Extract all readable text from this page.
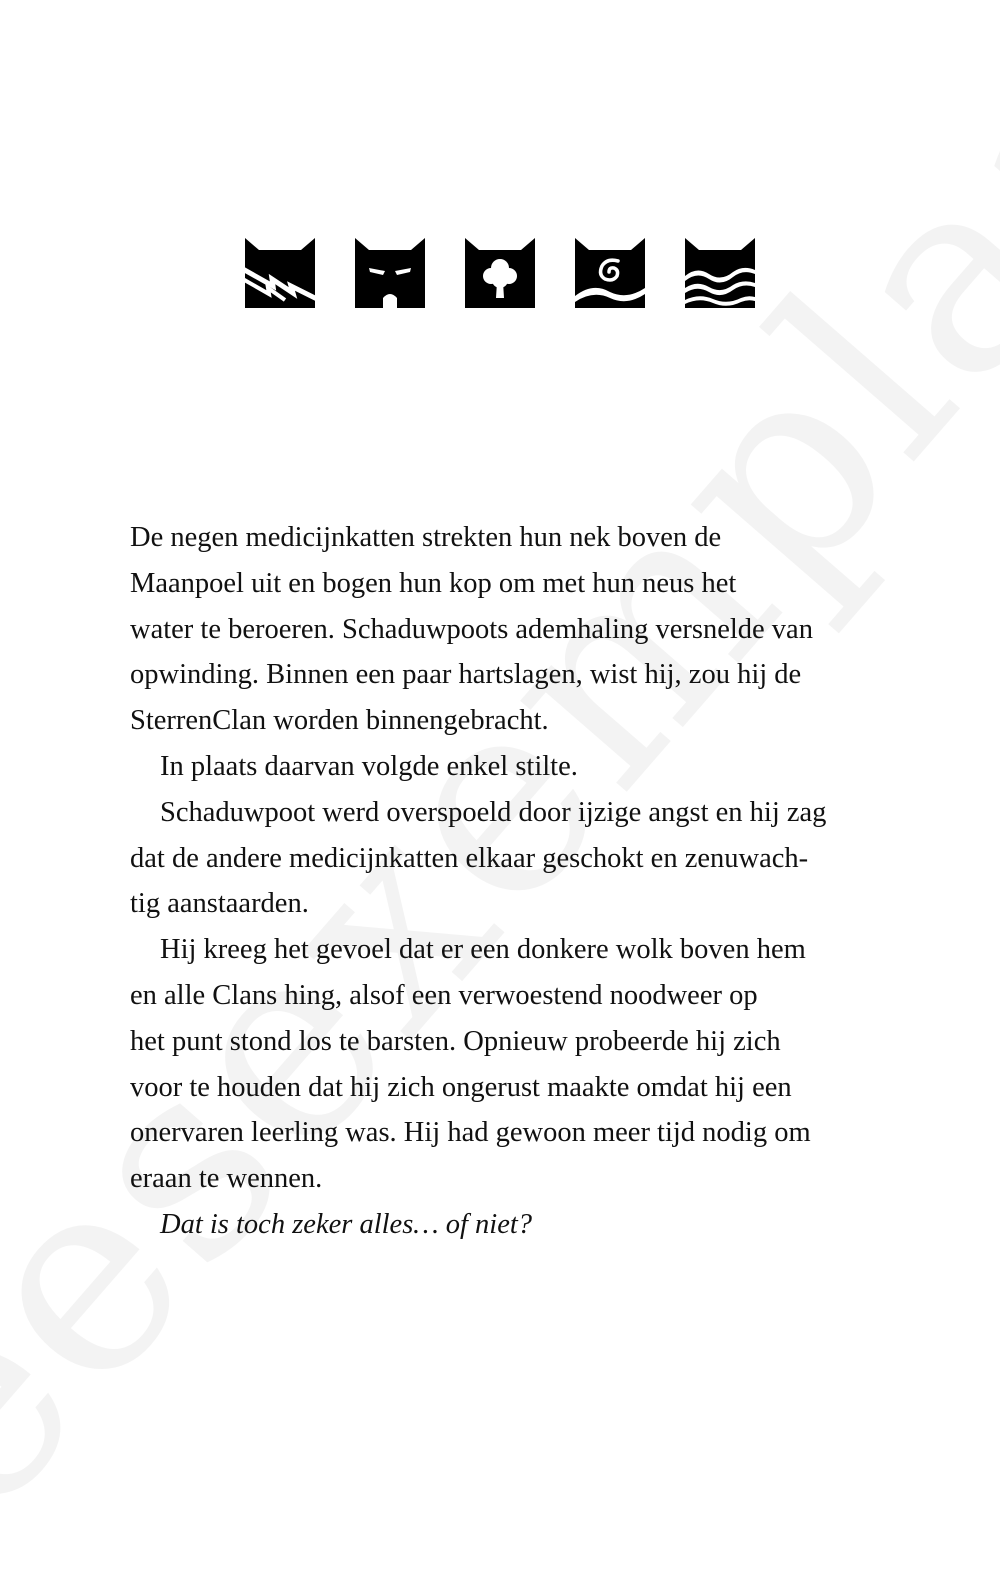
De negen medicijnkatten strekten hun nek boven de
Maanpoel uit en bogen hun kop om met hun neus het
water te beroeren. Schaduwpoots ademhaling versnelde van
opwinding. Binnen een paar hartslagen, wist hij, zou hij de
SterrenClan worden binnengebracht.
In plaats daarvan volgde enkel stilte.
Schaduwpoot werd overspoeld door ijzige angst en hij zag
dat de andere medicijnkatten elkaar geschokt en zenuwach-
tig aanstaarden.
Hij kreeg het gevoel dat er een donkere wolk boven hem
en alle Clans hing, alsof een verwoestend noodweer op
het punt stond los te barsten. Opnieuw probeerde hij zich
voor te houden dat hij zich ongerust maakte omdat hij een
onervaren leerling was. Hij had gewoon meer tijd nodig om
eraan te wennen.
Dat is toch zeker alles… of niet?
